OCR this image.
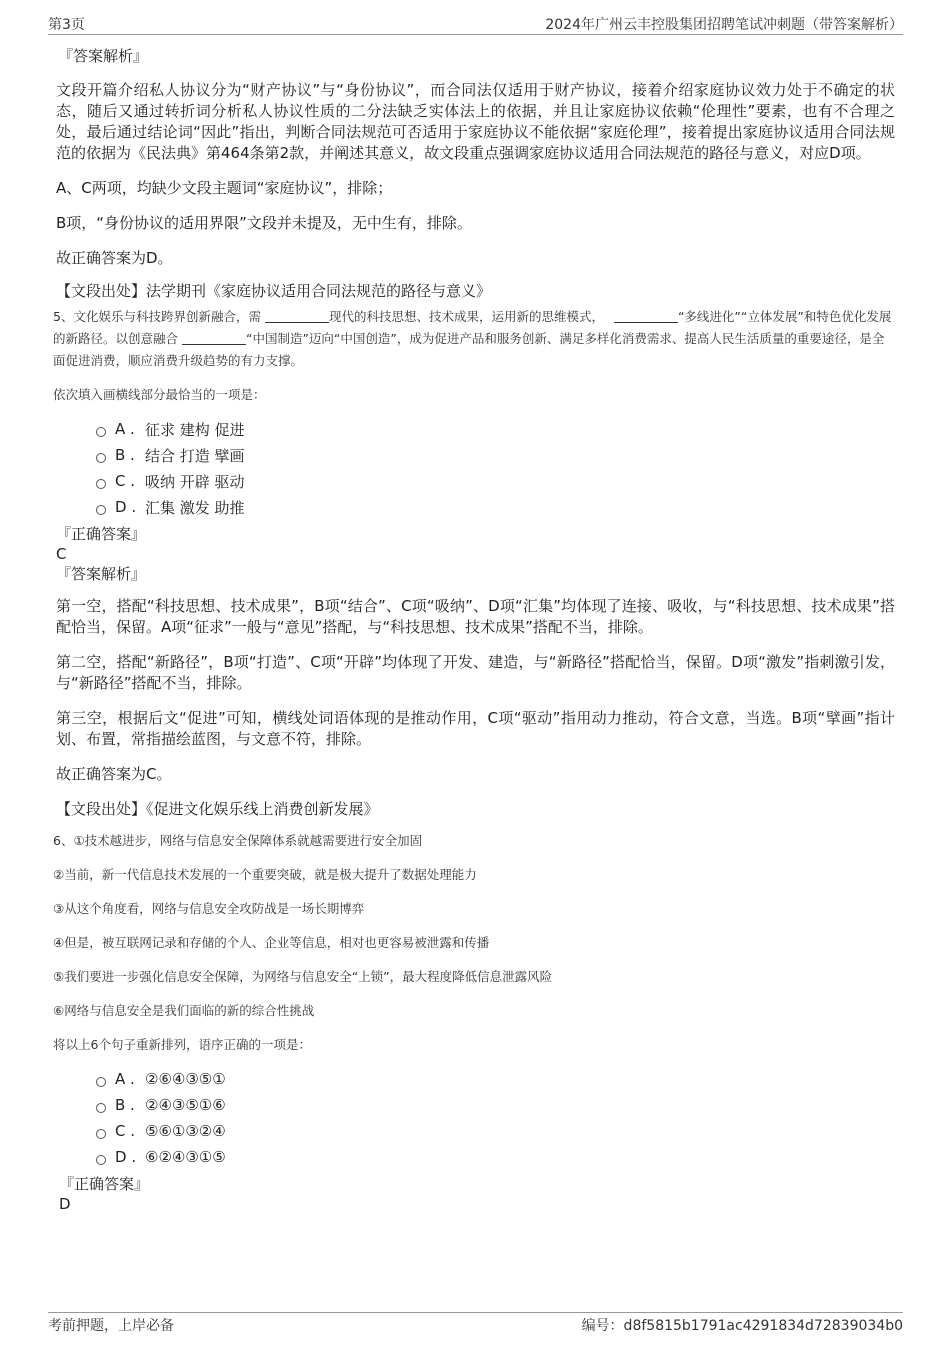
第3页	2024年广州云丰控股集团招聘笔试冲刺题（带答案解析）
『答案解析』

文段开篇介绍私人协议分为“财产协议”与“身份协议”，而合同法仅适用于财产协议，接着介绍家庭协议效力处于不确定的状态，随后又通过转折词分析私人协议性质的二分法缺乏实体法上的依据，并且让家庭协议依赖“伦理性”要素，也有不合理之处，最后通过结论词“因此”指出，判断合同法规范可否适用于家庭协议不能依据“家庭伦理”，接着提出家庭协议适用合同法规范的依据为《民法典》第464条第2款，并阐述其意义，故文段重点强调家庭协议适用合同法规范的路径与意义，对应D项。

A、C两项，均缺少文段主题词“家庭协议”，排除；

B项，“身份协议的适用界限”文段并未提及，无中生有，排除。

故正确答案为D。

【文段出处】法学期刊《家庭协议适用合同法规范的路径与意义》

5、文化娱乐与科技跨界创新融合，需	现代的科技思想、技术成果，运用新的思维模式，	“多线进化”“立体发展”和特色优化发展的新路径。以创意融合	“中国制造”迈向“中国创造”，成为促进产品和服务创新、满足多样化消费需求、提高人民生活质量的重要途径，是全面促进消费，顺应消费升级趋势的有力支撑。

依次填入画横线部分最恰当的一项是：

A . 征求 建构 促进
B . 结合 打造 擘画
C . 吸纳 开辟 驱动
D . 汇集 激发 助推
『正确答案』
C
『答案解析』

第一空，搭配“科技思想、技术成果”，B项“结合”、C项“吸纳”、D项“汇集”均体现了连接、吸收，与“科技思想、技术成果”搭配恰当，保留。A项“征求”一般与“意见”搭配，与“科技思想、技术成果”搭配不当，排除。

第二空，搭配“新路径”，B项“打造”、C项“开辟”均体现了开发、建造，与“新路径”搭配恰当，保留。D项“激发”指刺激引发，与“新路径”搭配不当，排除。

第三空，根据后文“促进”可知，横线处词语体现的是推动作用，C项“驱动”指用动力推动，符合文意，当选。B项“擘画”指计划、布置，常指描绘蓝图，与文意不符，排除。

故正确答案为C。

【文段出处】《促进文化娱乐线上消费创新发展》

6、①技术越进步，网络与信息安全保障体系就越需要进行安全加固

②当前，新一代信息技术发展的一个重要突破，就是极大提升了数据处理能力

③从这个角度看，网络与信息安全攻防战是一场长期博弈

④但是，被互联网记录和存储的个人、企业等信息，相对也更容易被泄露和传播

⑤我们要进一步强化信息安全保障，为网络与信息安全“上锁”，最大程度降低信息泄露风险

⑥网络与信息安全是我们面临的新的综合性挑战

将以上6个句子重新排列，语序正确的一项是：

A . ②⑥④③⑤①
B . ②④③⑤①⑥
C . ⑤⑥①③②④
D . ⑥②④③①⑤
『正确答案』
D
考前押题，上岸必备	编号：d8f5815b1791ac4291834d72839034b0
